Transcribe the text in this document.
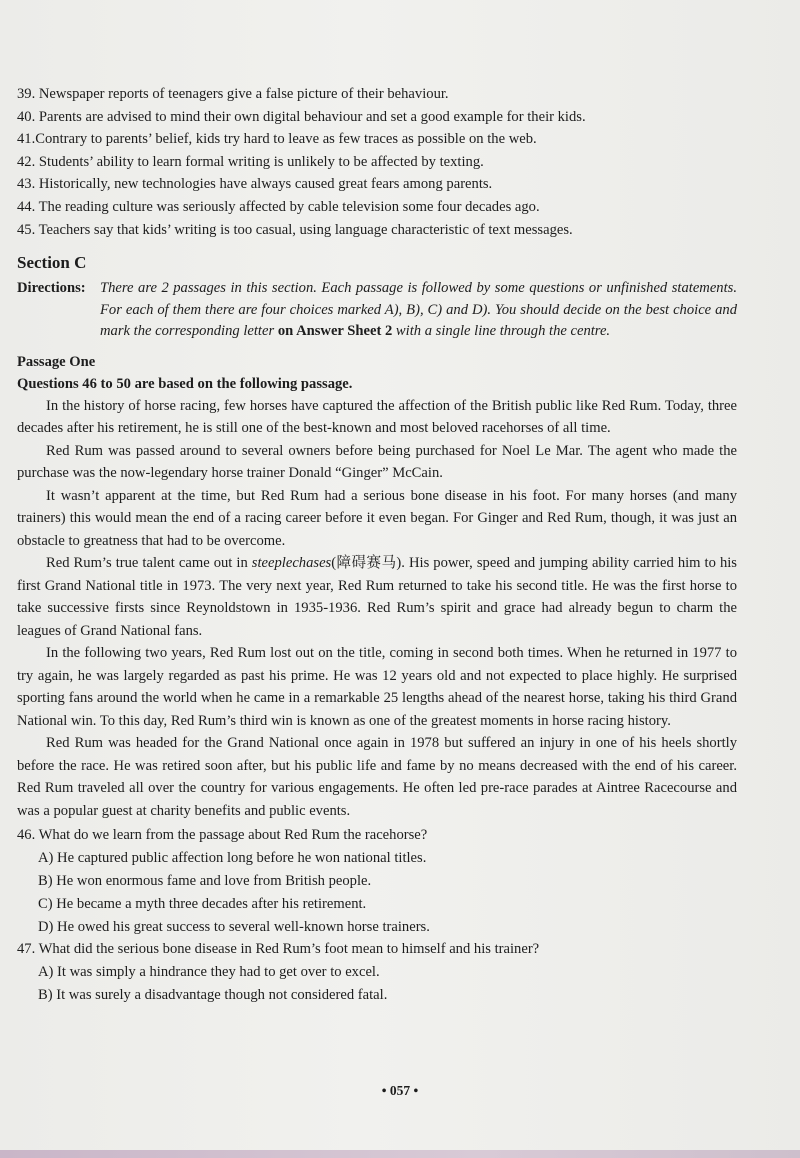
39. Newspaper reports of teenagers give a false picture of their behaviour.

40. Parents are advised to mind their own digital behaviour and set a good example for their kids.

41.Contrary to parents’ belief, kids try hard to leave as few traces as possible on the web.

42. Students’ ability to learn formal writing is unlikely to be affected by texting.

43. Historically, new technologies have always caused great fears among parents.

44. The reading culture was seriously affected by cable television some four decades ago.

45. Teachers say that kids’ writing is too casual, using language characteristic of text messages.

Section C
Directions: There are 2 passages in this section. Each passage is followed by some questions or unfinished statements. For each of them there are four choices marked A), B), C) and D). You should decide on the best choice and mark the corresponding letter on Answer Sheet 2 with a single line through the centre.

Passage One

Questions 46 to 50 are based on the following passage.

In the history of horse racing, few horses have captured the affection of the British public like Red Rum. Today, three decades after his retirement, he is still one of the best-known and most beloved racehorses of all time.

Red Rum was passed around to several owners before being purchased for Noel Le Mar. The agent who made the purchase was the now-legendary horse trainer Donald “Ginger” McCain.

It wasn’t apparent at the time, but Red Rum had a serious bone disease in his foot. For many horses (and many trainers) this would mean the end of a racing career before it even began. For Ginger and Red Rum, though, it was just an obstacle to greatness that had to be overcome.

Red Rum’s true talent came out in steeplechases(障碍赛马). His power, speed and jumping ability carried him to his first Grand National title in 1973. The very next year, Red Rum returned to take his second title. He was the first horse to take successive firsts since Reynoldstown in 1935-1936. Red Rum’s spirit and grace had already begun to charm the leagues of Grand National fans.

In the following two years, Red Rum lost out on the title, coming in second both times. When he returned in 1977 to try again, he was largely regarded as past his prime. He was 12 years old and not expected to place highly. He surprised sporting fans around the world when he came in a remarkable 25 lengths ahead of the nearest horse, taking his third Grand National win. To this day, Red Rum’s third win is known as one of the greatest moments in horse racing history.

Red Rum was headed for the Grand National once again in 1978 but suffered an injury in one of his heels shortly before the race. He was retired soon after, but his public life and fame by no means decreased with the end of his career. Red Rum traveled all over the country for various engagements. He often led pre-race parades at Aintree Racecourse and was a popular guest at charity benefits and public events.

46. What do we learn from the passage about Red Rum the racehorse?

A) He captured public affection long before he won national titles.

B) He won enormous fame and love from British people.

C) He became a myth three decades after his retirement.

D) He owed his great success to several well-known horse trainers.

47. What did the serious bone disease in Red Rum’s foot mean to himself and his trainer?

A) It was simply a hindrance they had to get over to excel.

B) It was surely a disadvantage though not considered fatal.

• 057 •
